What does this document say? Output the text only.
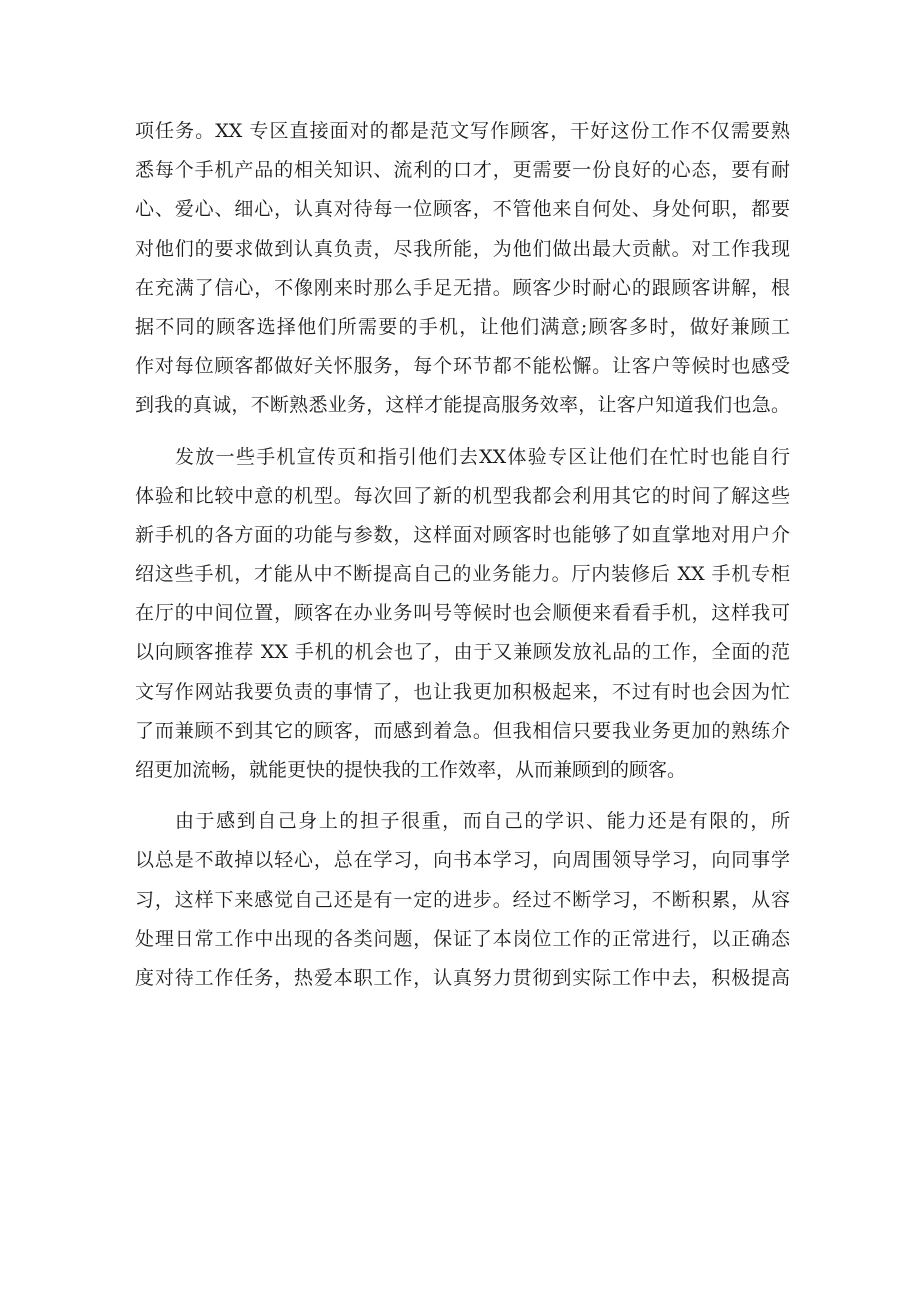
项任务。XX 专区直接面对的都是范文写作顾客，干好这份工作不仅需要熟
悉每个手机产品的相关知识、流利的口才，更需要一份良好的心态，要有耐
心、爱心、细心，认真对待每一位顾客，不管他来自何处、身处何职，都要
对他们的要求做到认真负责，尽我所能，为他们做出最大贡献。对工作我现
在充满了信心，不像刚来时那么手足无措。顾客少时耐心的跟顾客讲解，根
据不同的顾客选择他们所需要的手机，让他们满意;顾客多时，做好兼顾工
作对每位顾客都做好关怀服务，每个环节都不能松懈。让客户等候时也感受
到我的真诚，不断熟悉业务，这样才能提高服务效率，让客户知道我们也急。
发放一些手机宣传页和指引他们去XX体验专区让他们在忙时也能自行
体验和比较中意的机型。每次回了新的机型我都会利用其它的时间了解这些
新手机的各方面的功能与参数，这样面对顾客时也能够了如直掌地对用户介
绍这些手机，才能从中不断提高自己的业务能力。厅内装修后 XX 手机专柜
在厅的中间位置，顾客在办业务叫号等候时也会顺便来看看手机，这样我可
以向顾客推荐 XX 手机的机会也了，由于又兼顾发放礼品的工作，全面的范
文写作网站我要负责的事情了，也让我更加积极起来，不过有时也会因为忙
了而兼顾不到其它的顾客，而感到着急。但我相信只要我业务更加的熟练介
绍更加流畅，就能更快的提快我的工作效率，从而兼顾到的顾客。
由于感到自己身上的担子很重，而自己的学识、能力还是有限的，所
以总是不敢掉以轻心，总在学习，向书本学习，向周围领导学习，向同事学
习，这样下来感觉自己还是有一定的进步。经过不断学习，不断积累，从容
处理日常工作中出现的各类问题，保证了本岗位工作的正常进行，以正确态
度对待工作任务，热爱本职工作，认真努力贯彻到实际工作中去，积极提高
